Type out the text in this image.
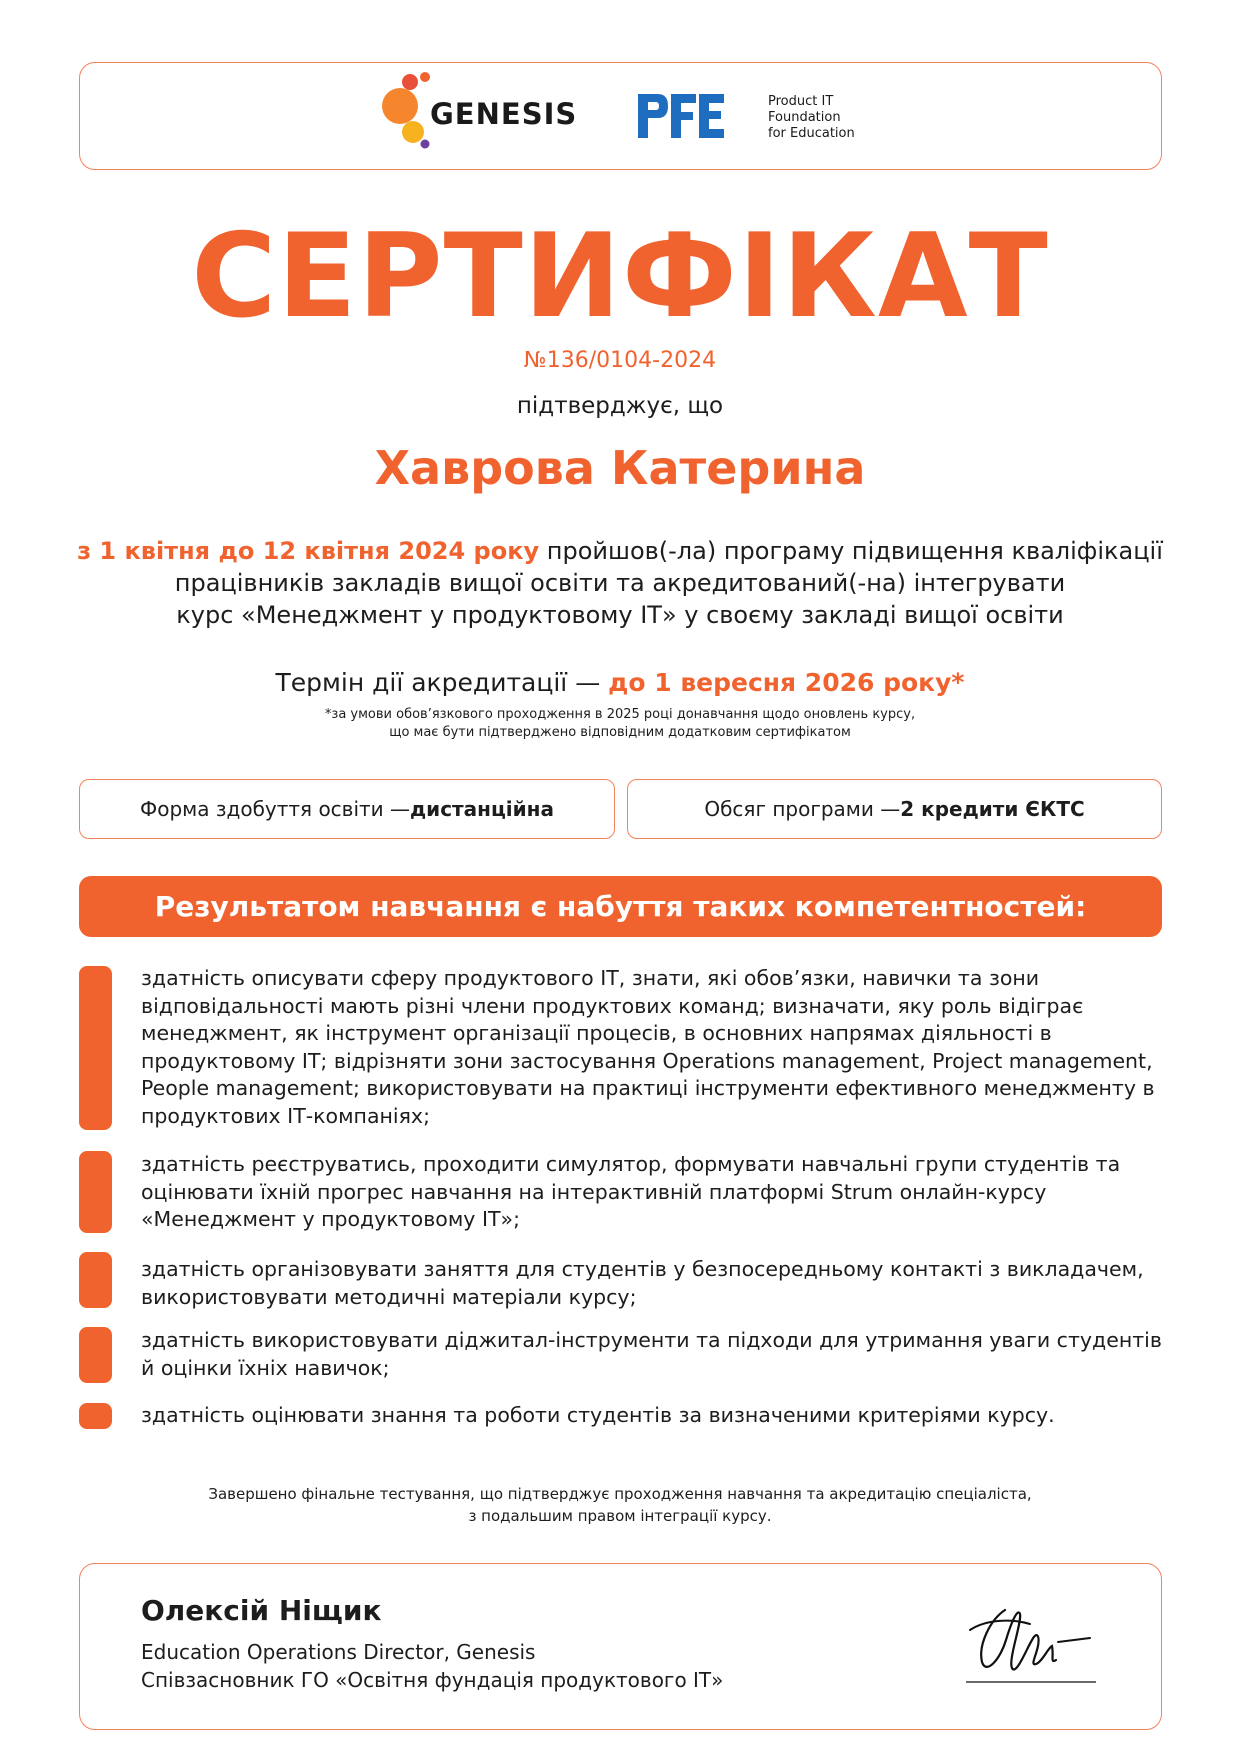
GENESIS	Product IT
Foundation
for Education
СЕРТИФІКАТ
№136/0104-2024
підтверджує, що
Хаврова Катерина
з 1 квітня до 12 квітня 2024 року пройшов(-ла) програму підвищення кваліфікації
працівників закладів вищої освіти та акредитований(-на) інтегрувати
курс «Менеджмент у продуктовому ІТ» у своєму закладі вищої освіти
Термін дії акредитації — до 1 вересня 2026 року*
*за умови обов’язкового проходження в 2025 році донавчання щодо оновлень курсу,
що має бути підтверджено відповідним додатковим сертифікатом
Форма здобуття освіти — дистанційна	Обсяг програми — 2 кредити ЄКТС
Результатом навчання є набуття таких компетентностей:
здатність описувати сферу продуктового ІТ, знати, які обов’язки, навички та зони
відповідальності мають різні члени продуктових команд; визначати, яку роль відіграє
менеджмент, як інструмент організації процесів, в основних напрямах діяльності в
продуктовому ІТ; відрізняти зони застосування Operations management, Project management,
People management; використовувати на практиці інструменти ефективного менеджменту в
продуктових ІТ-компаніях;
здатність реєструватись, проходити симулятор, формувати навчальні групи студентів та
оцінювати їхній прогрес навчання на інтерактивній платформі Strum онлайн-курсу
«Менеджмент у продуктовому ІТ»;
здатність організовувати заняття для студентів у безпосередньому контакті з викладачем,
використовувати методичні матеріали курсу;
здатність використовувати діджитал-інструменти та підходи для утримання уваги студентів
й оцінки їхніх навичок;
здатність оцінювати знання та роботи студентів за визначеними критеріями курсу.
Завершено фінальне тестування, що підтверджує проходження навчання та акредитацію спеціаліста,
з подальшим правом інтеграції курсу.
Олексій Ніщик
Education Operations Director, Genesis
Співзасновник ГО «Освітня фундація продуктового ІТ»
